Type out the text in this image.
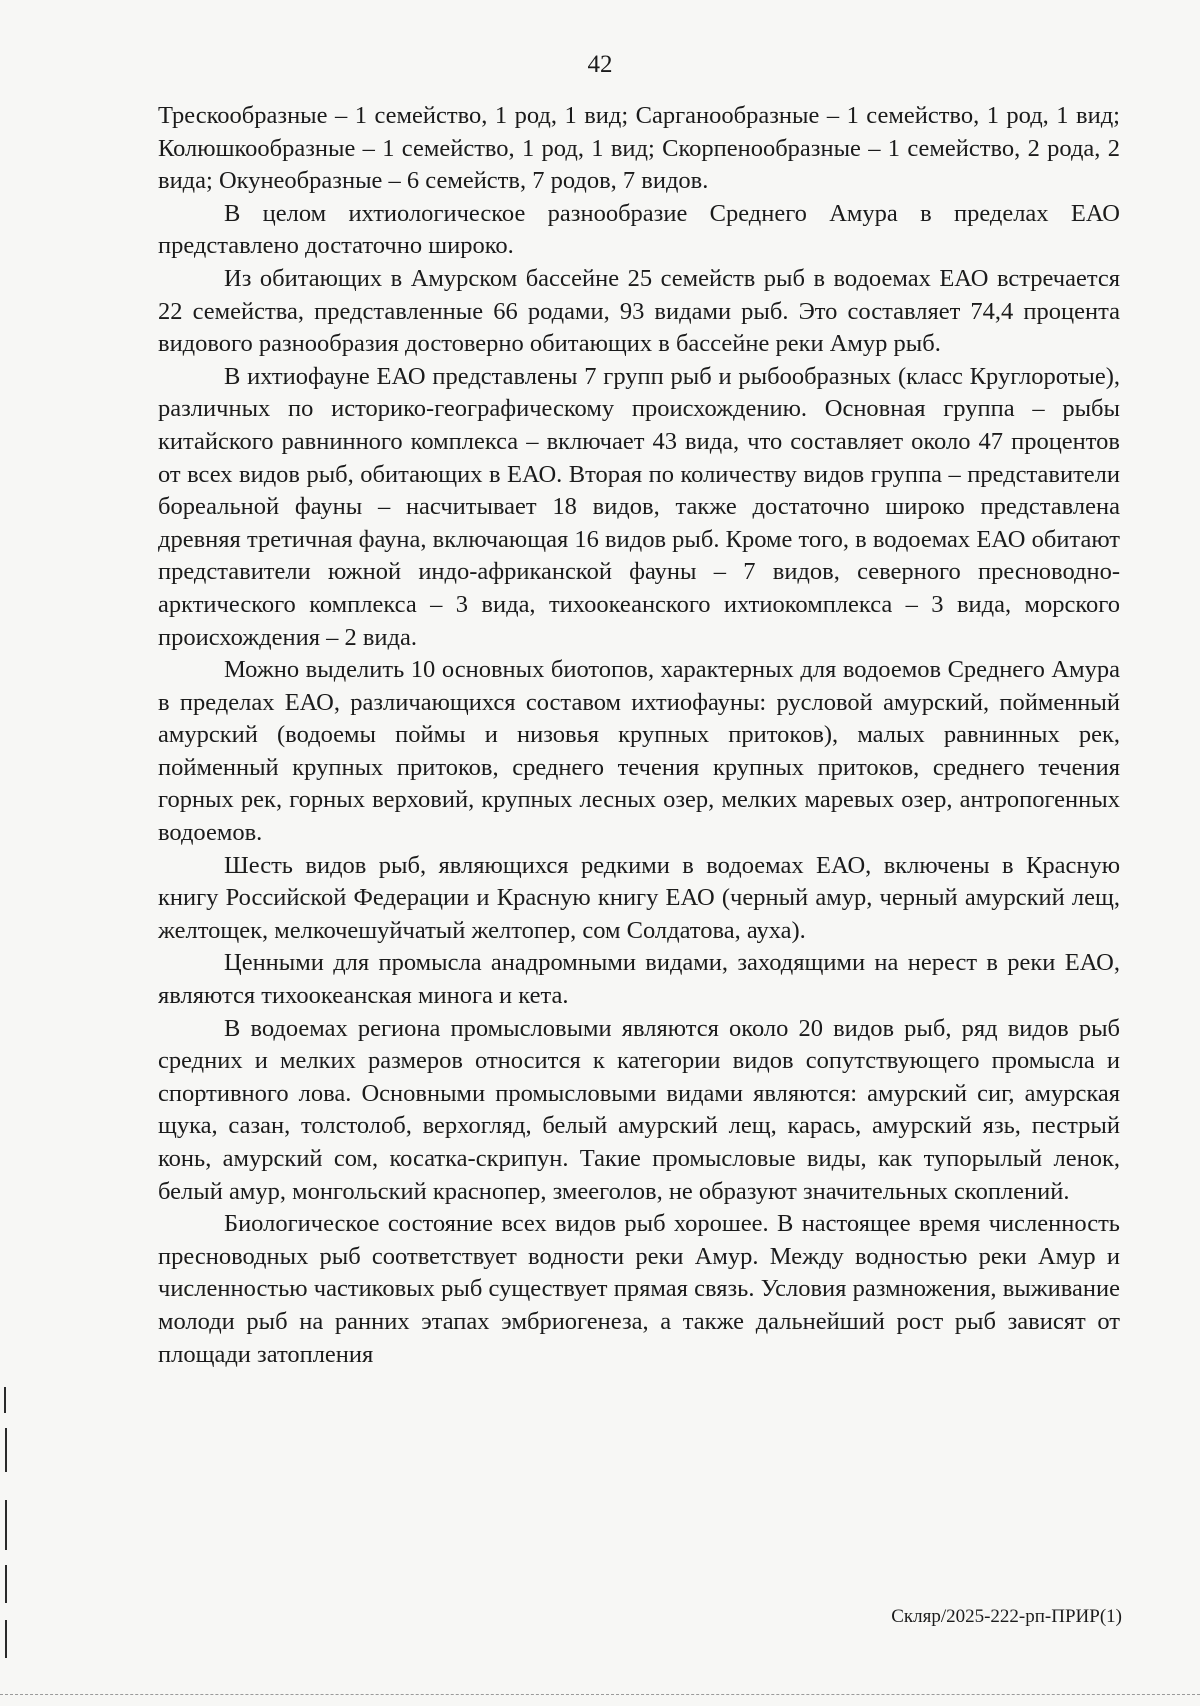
42

Трескообразные – 1 семейство, 1 род, 1 вид; Сарганообразные – 1 семейство, 1 род, 1 вид; Колюшкообразные – 1 семейство, 1 род, 1 вид; Скорпенообразные – 1 семейство, 2 рода, 2 вида; Окунеобразные – 6 семейств, 7 родов, 7 видов.

В целом ихтиологическое разнообразие Среднего Амура в пределах ЕАО представлено достаточно широко.

Из обитающих в Амурском бассейне 25 семейств рыб в водоемах ЕАО встречается 22 семейства, представленные 66 родами, 93 видами рыб. Это составляет 74,4 процента видового разнообразия достоверно обитающих в бассейне реки Амур рыб.

В ихтиофауне ЕАО представлены 7 групп рыб и рыбообразных (класс Круглоротые), различных по историко-географическому происхождению. Основная группа – рыбы китайского равнинного комплекса – включает 43 вида, что составляет около 47 процентов от всех видов рыб, обитающих в ЕАО. Вторая по количеству видов группа – представители бореальной фауны – насчитывает 18 видов, также достаточно широко представлена древняя третичная фауна, включающая 16 видов рыб. Кроме того, в водоемах ЕАО обитают представители южной индо-африканской фауны – 7 видов, северного пресноводно-арктического комплекса – 3 вида, тихоокеанского ихтиокомплекса – 3 вида, морского происхождения – 2 вида.

Можно выделить 10 основных биотопов, характерных для водоемов Среднего Амура в пределах ЕАО, различающихся составом ихтиофауны: русловой амурский, пойменный амурский (водоемы поймы и низовья крупных притоков), малых равнинных рек, пойменный крупных притоков, среднего течения крупных притоков, среднего течения горных рек, горных верховий, крупных лесных озер, мелких маревых озер, антропогенных водоемов.

Шесть видов рыб, являющихся редкими в водоемах ЕАО, включены в Красную книгу Российской Федерации и Красную книгу ЕАО (черный амур, черный амурский лещ, желтощек, мелкочешуйчатый желтопер, сом Солдатова, ауха).

Ценными для промысла анадромными видами, заходящими на нерест в реки ЕАО, являются тихоокеанская минога и кета.

В водоемах региона промысловыми являются около 20 видов рыб, ряд видов рыб средних и мелких размеров относится к категории видов сопутствующего промысла и спортивного лова. Основными промысловыми видами являются: амурский сиг, амурская щука, сазан, толстолоб, верхогляд, белый амурский лещ, карась, амурский язь, пестрый конь, амурский сом, косатка-скрипун. Такие промысловые виды, как тупорылый ленок, белый амур, монгольский краснопер, змееголов, не образуют значительных скоплений.

Биологическое состояние всех видов рыб хорошее. В настоящее время численность пресноводных рыб соответствует водности реки Амур. Между водностью реки Амур и численностью частиковых рыб существует прямая связь. Условия размножения, выживание молоди рыб на ранних этапах эмбриогенеза, а также дальнейший рост рыб зависят от площади затопления

Скляр/2025-222-рп-ПРИР(1)
